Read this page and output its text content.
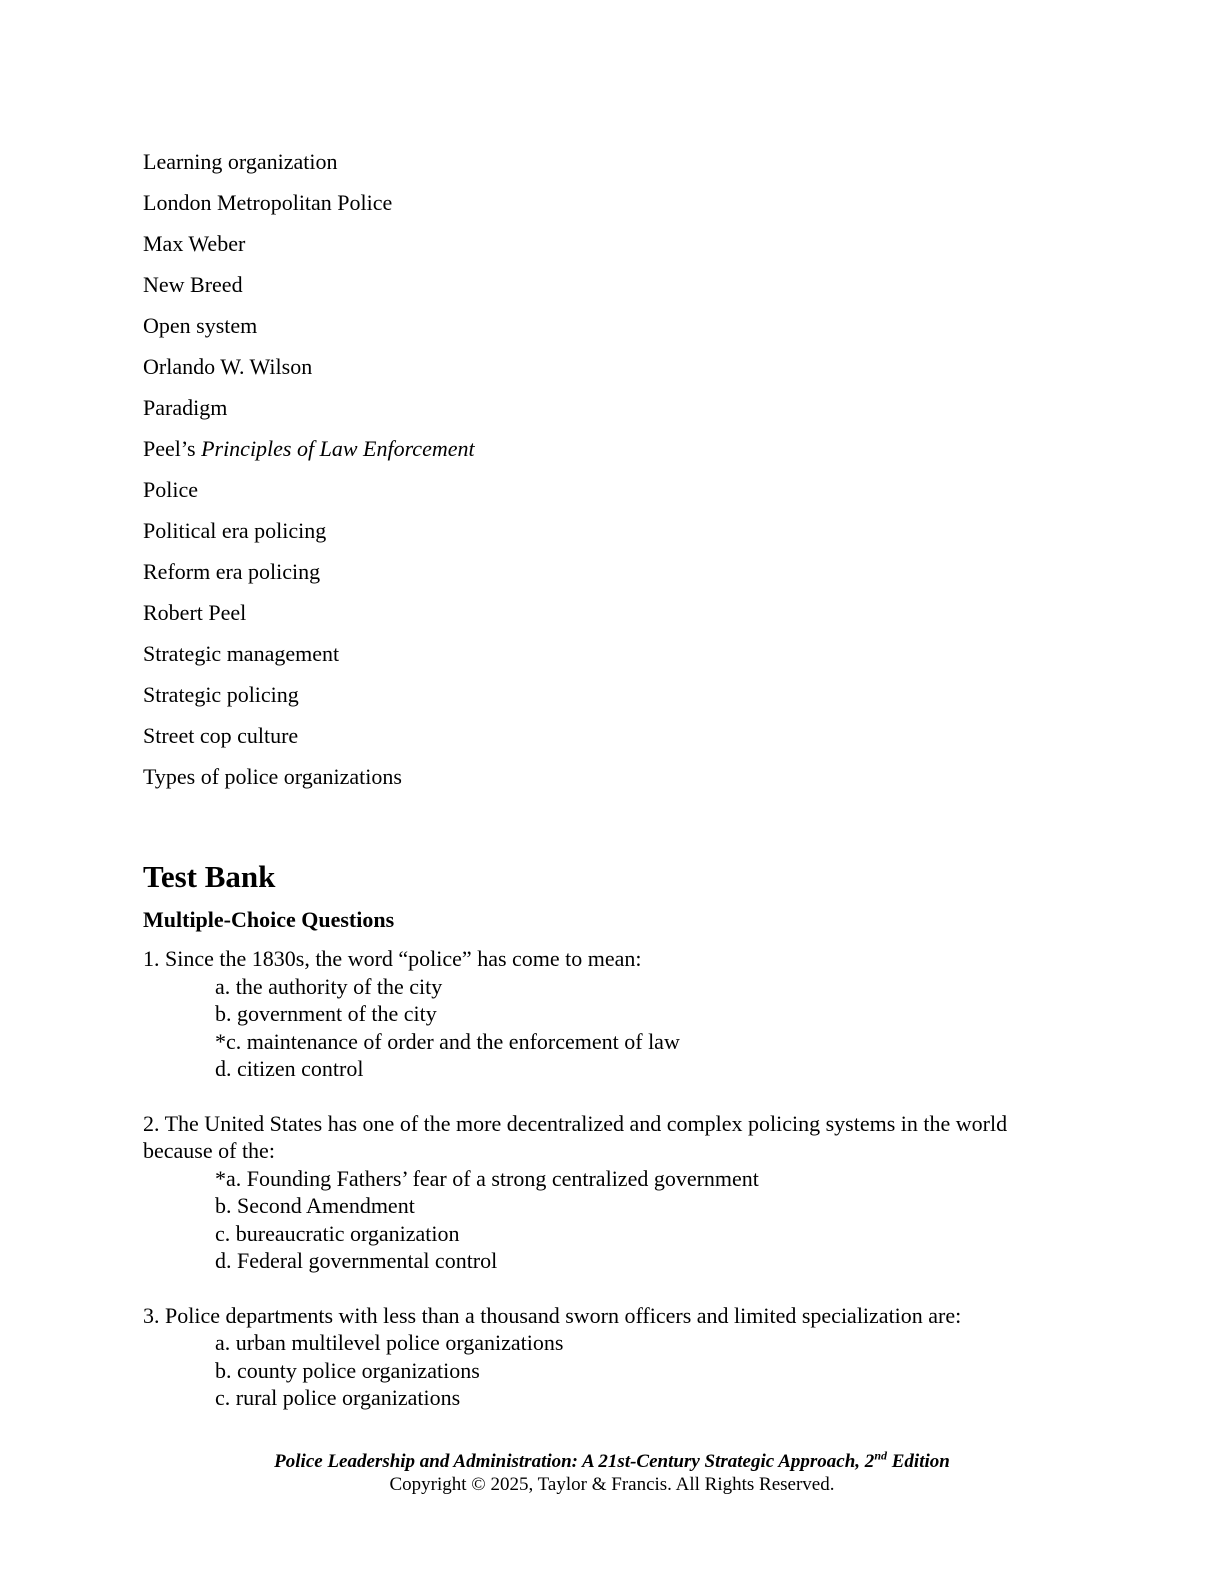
Learning organization
London Metropolitan Police
Max Weber
New Breed
Open system
Orlando W. Wilson
Paradigm
Peel’s Principles of Law Enforcement
Police
Political era policing
Reform era policing
Robert Peel
Strategic management
Strategic policing
Street cop culture
Types of police organizations
Test Bank
Multiple-Choice Questions

1. Since the 1830s, the word “police” has come to mean:

a. the authority of the city
b. government of the city
*c. maintenance of order and the enforcement of law
d. citizen control

2. The United States has one of the more decentralized and complex policing systems in the world because of the:

*a. Founding Fathers’ fear of a strong centralized government
b. Second Amendment
c. bureaucratic organization
d. Federal governmental control

3. Police departments with less than a thousand sworn officers and limited specialization are:

a. urban multilevel police organizations
b. county police organizations
c. rural police organizations
Police Leadership and Administration: A 21st-Century Strategic Approach, 2nd Edition
Copyright © 2025, Taylor & Francis. All Rights Reserved.
